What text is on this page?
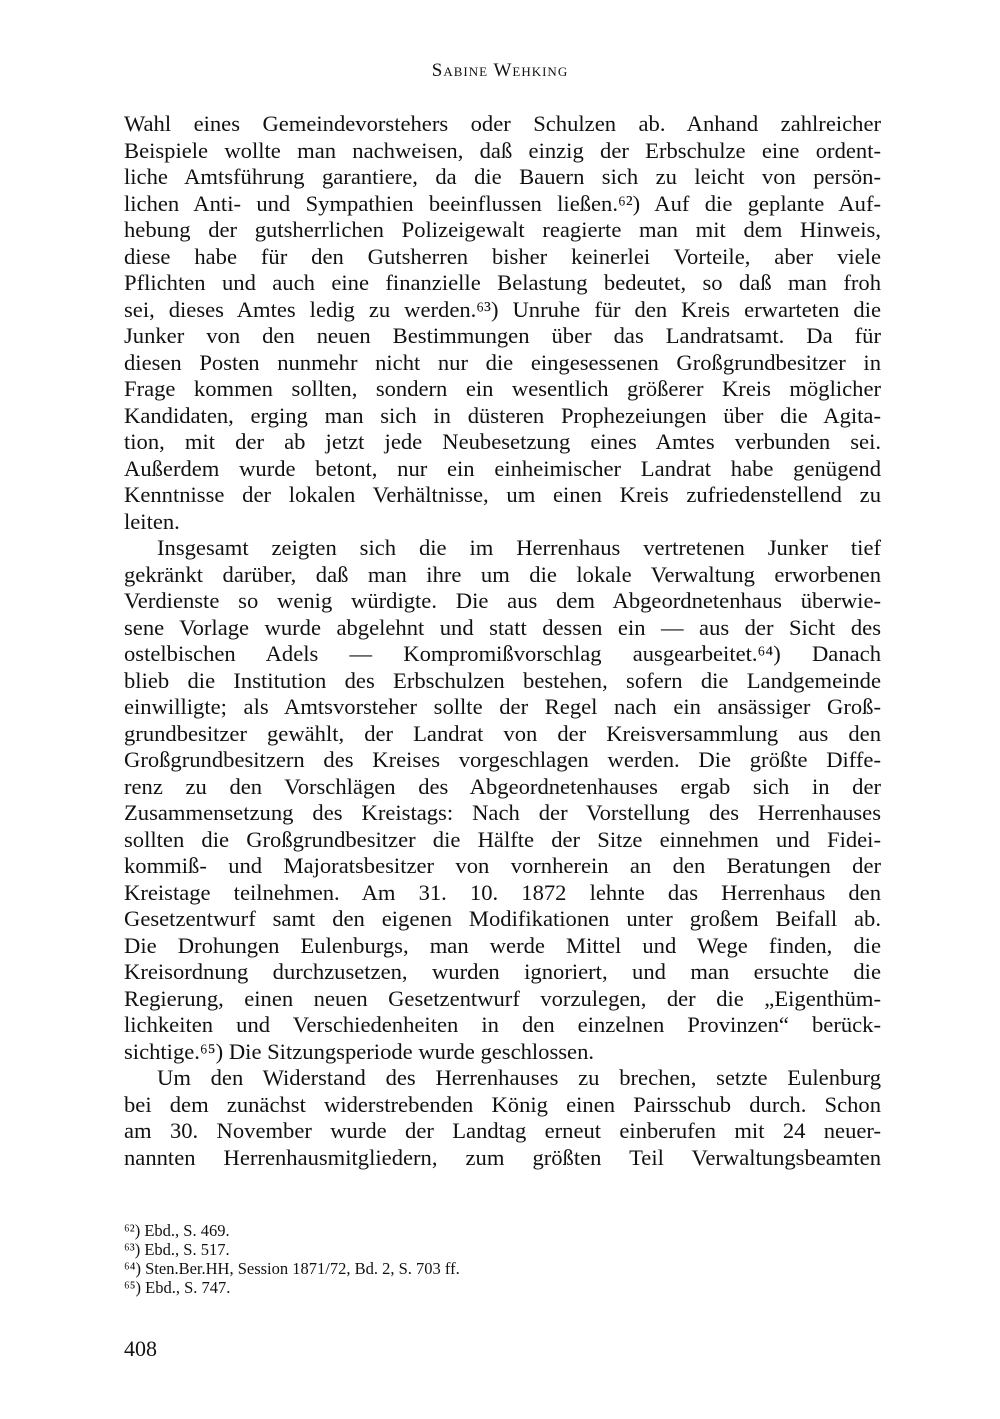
Sabine Wehking
Wahl eines Gemeindevorstehers oder Schulzen ab. Anhand zahlreicher
Beispiele wollte man nachweisen, daß einzig der Erbschulze eine ordent-
liche Amtsführung garantiere, da die Bauern sich zu leicht von persön-
lichen Anti- und Sympathien beeinflussen ließen.⁶²) Auf die geplante Auf-
hebung der gutsherrlichen Polizeigewalt reagierte man mit dem Hinweis,
diese habe für den Gutsherren bisher keinerlei Vorteile, aber viele
Pflichten und auch eine finanzielle Belastung bedeutet, so daß man froh
sei, dieses Amtes ledig zu werden.⁶³) Unruhe für den Kreis erwarteten die
Junker von den neuen Bestimmungen über das Landratsamt. Da für
diesen Posten nunmehr nicht nur die eingesessenen Großgrundbesitzer in
Frage kommen sollten, sondern ein wesentlich größerer Kreis möglicher
Kandidaten, erging man sich in düsteren Prophezeiungen über die Agita-
tion, mit der ab jetzt jede Neubesetzung eines Amtes verbunden sei.
Außerdem wurde betont, nur ein einheimischer Landrat habe genügend
Kenntnisse der lokalen Verhältnisse, um einen Kreis zufriedenstellend zu
leiten.
Insgesamt zeigten sich die im Herrenhaus vertretenen Junker tief
gekränkt darüber, daß man ihre um die lokale Verwaltung erworbenen
Verdienste so wenig würdigte. Die aus dem Abgeordnetenhaus überwie-
sene Vorlage wurde abgelehnt und statt dessen ein — aus der Sicht des
ostelbischen Adels — Kompromißvorschlag ausgearbeitet.⁶⁴) Danach
blieb die Institution des Erbschulzen bestehen, sofern die Landgemeinde
einwilligte; als Amtsvorsteher sollte der Regel nach ein ansässiger Groß-
grundbesitzer gewählt, der Landrat von der Kreisversammlung aus den
Großgrundbesitzern des Kreises vorgeschlagen werden. Die größte Diffe-
renz zu den Vorschlägen des Abgeordnetenhauses ergab sich in der
Zusammensetzung des Kreistags: Nach der Vorstellung des Herrenhauses
sollten die Großgrundbesitzer die Hälfte der Sitze einnehmen und Fidei-
kommiß- und Majoratsbesitzer von vornherein an den Beratungen der
Kreistage teilnehmen. Am 31. 10. 1872 lehnte das Herrenhaus den
Gesetzentwurf samt den eigenen Modifikationen unter großem Beifall ab.
Die Drohungen Eulenburgs, man werde Mittel und Wege finden, die
Kreisordnung durchzusetzen, wurden ignoriert, und man ersuchte die
Regierung, einen neuen Gesetzentwurf vorzulegen, der die „Eigenthüm-
lichkeiten und Verschiedenheiten in den einzelnen Provinzen“ berück-
sichtige.⁶⁵) Die Sitzungsperiode wurde geschlossen.
Um den Widerstand des Herrenhauses zu brechen, setzte Eulenburg
bei dem zunächst widerstrebenden König einen Pairsschub durch. Schon
am 30. November wurde der Landtag erneut einberufen mit 24 neuer-
nannten Herrenhausmitgliedern, zum größten Teil Verwaltungsbeamten
⁶²) Ebd., S. 469.
⁶³) Ebd., S. 517.
⁶⁴) Sten.Ber.HH, Session 1871/72, Bd. 2, S. 703 ff.
⁶⁵) Ebd., S. 747.
408
